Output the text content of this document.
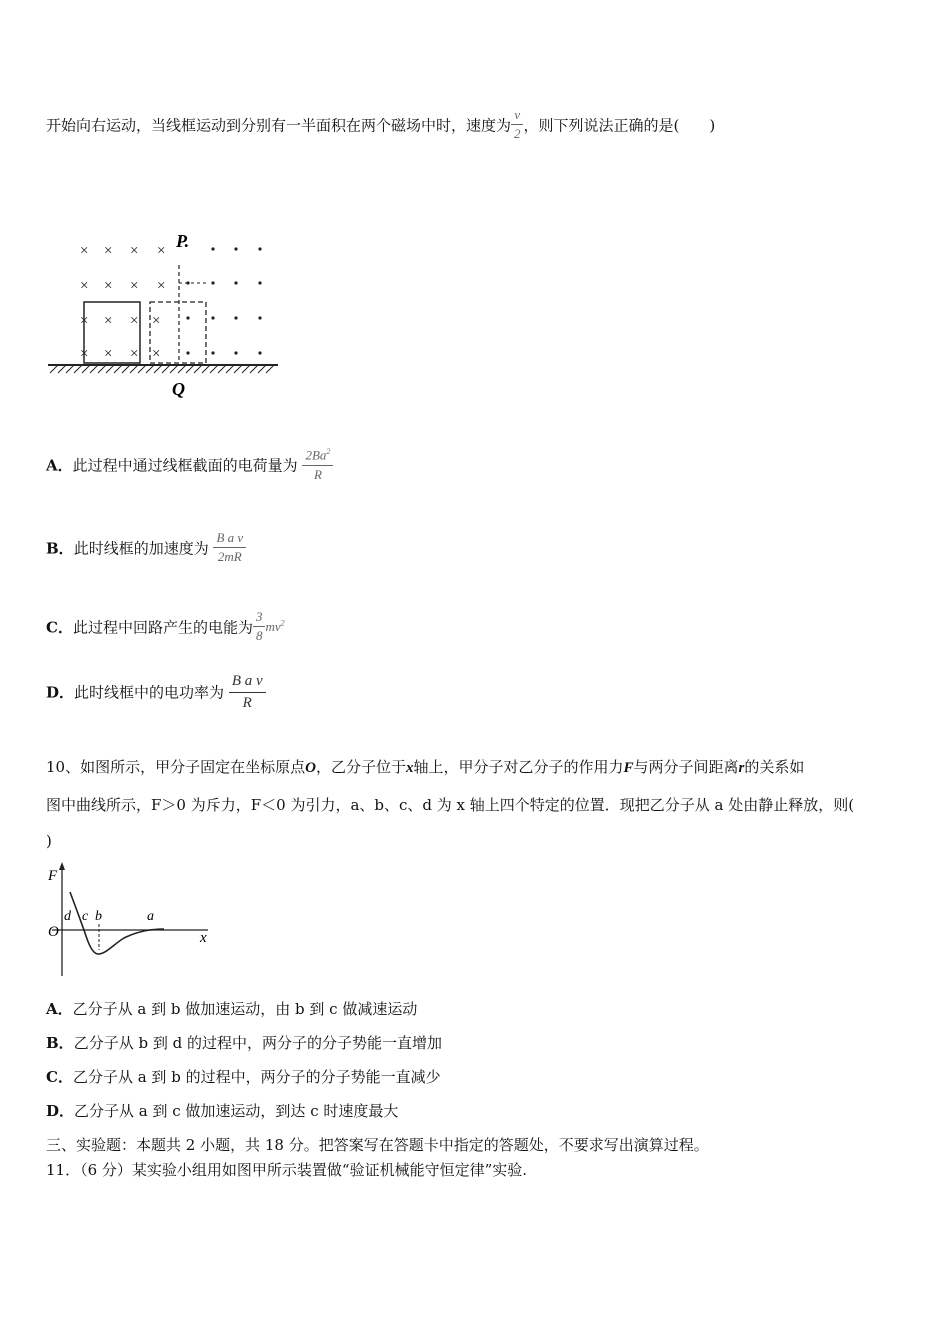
开始向右运动，当线框运动到分别有一半面积在两个磁场中时，速度为 $\frac{v}{2}$ ，则下列说法正确的是(　　)
× × × ×
× × × ×
× × × ×
× × × ×
P.
Q
A．此过程中通过线框截面的电荷量为 $\frac{2Ba^2}{R}$
B．此时线框的加速度为 $\frac{\text{B a v}}{2mR}$
C．此过程中回路产生的电能为 $\frac{3}{8} mv^2$
D．此时线框中的电功率为 $\frac{\text{B a v}}{R}$
10、如图所示，甲分子固定在坐标原点O，乙分子位于x轴上，甲分子对乙分子的作用力F与两分子间距离r的关系如
图中曲线所示，F＞0 为斥力，F＜0 为引力，a、b、c、d 为 x 轴上四个特定的位置．现把乙分子从 a 处由静止释放，则(
)
F
O	x
d c b	a
A．乙分子从 a 到 b 做加速运动，由 b 到 c 做减速运动
B．乙分子从 b 到 d 的过程中，两分子的分子势能一直增加
C．乙分子从 a 到 b 的过程中，两分子的分子势能一直减少
D．乙分子从 a 到 c 做加速运动，到达 c 时速度最大
三、实验题：本题共 2 小题，共 18 分。把答案写在答题卡中指定的答题处，不要求写出演算过程。
11．（6 分）某实验小组用如图甲所示装置做“验证机械能守恒定律”实验.
